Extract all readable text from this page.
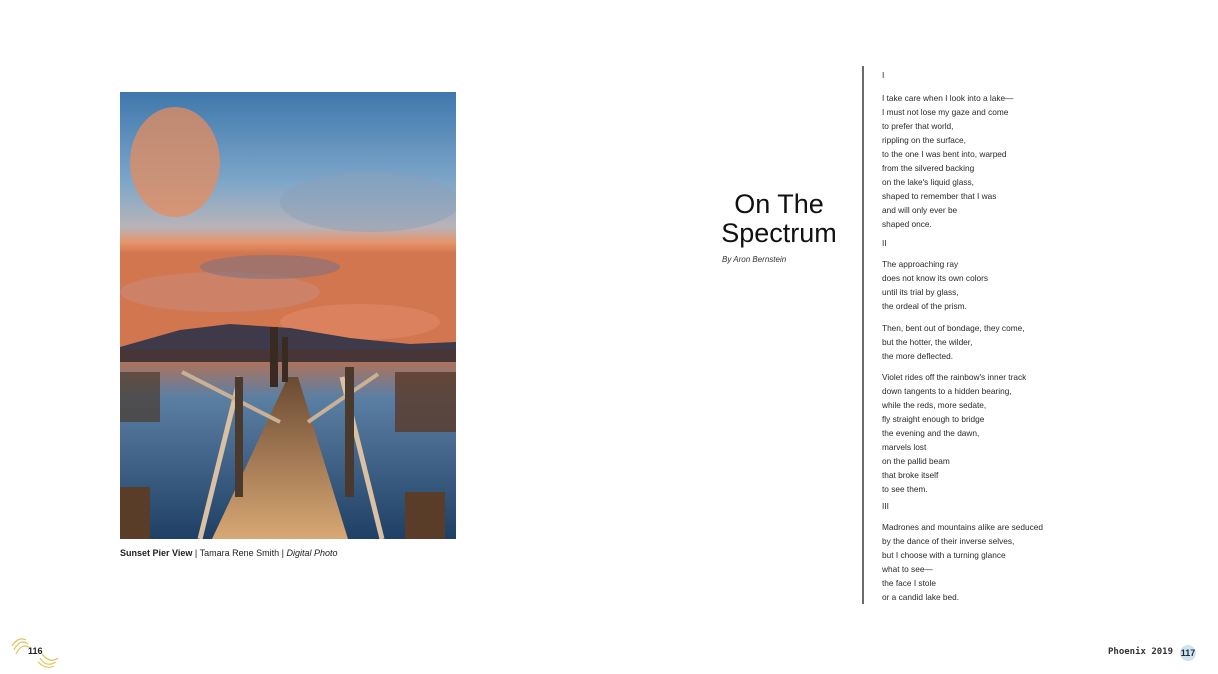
Sunset Pier View | Tamara Rene Smith | Digital Photo
On The
Spectrum
By Aron Bernstein
I
I take care when I look into a lake—
I must not lose my gaze and come
to prefer that world,
rippling on the surface,
to the one I was bent into, warped
from the silvered backing
on the lake's liquid glass,
shaped to remember that I was
and will only ever be
shaped once.
II
The approaching ray
does not know its own colors
until its trial by glass,
the ordeal of the prism.
Then, bent out of bondage, they come,
but the hotter, the wilder,
the more deflected.
Violet rides off the rainbow's inner track
down tangents to a hidden bearing,
while the reds, more sedate,
fly straight enough to bridge
the evening and the dawn,
marvels lost
on the pallid beam
that broke itself
to see them.
III
Madrones and mountains alike are seduced
by the dance of their inverse selves,
but I choose with a turning glance
what to see—
the face I stole
or a candid lake bed.
116	Phoenix 2019 117
